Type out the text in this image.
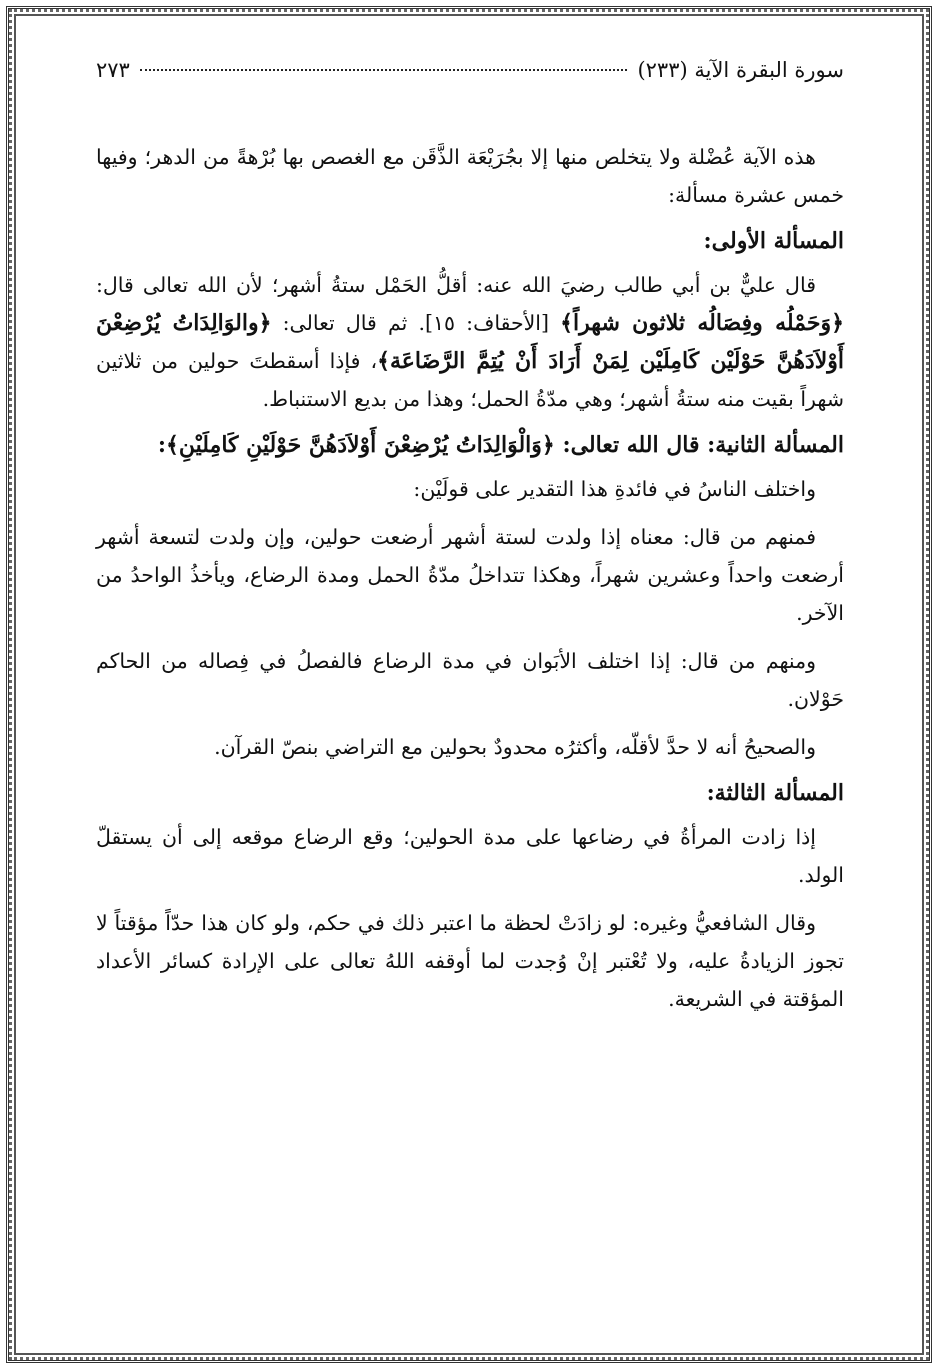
سورة البقرة الآية (٢٣٣)
٢٧٣

هذه الآية عُضْلة ولا يتخلص منها إلا بجُرَيْعَة الذَّقَن مع الغصص بها بُرْهةً من الدهر؛ وفيها خمس عشرة مسألة:

المسألة الأولى:

قال عليٌّ بن أبي طالب رضيَ الله عنه: أقلُّ الحَمْل ستةُ أشهر؛ لأن الله تعالى قال: ﴿وَحَمْلُه وفِصَالُه ثلاثون شهراً﴾ [الأحقاف: ١٥]. ثم قال تعالى: ﴿والوَالِدَاتُ يُرْضِعْنَ أَوْلاَدَهُنَّ حَوْلَيْن كَامِلَيْن لِمَنْ أَرَادَ أَنْ يُتِمَّ الرَّضَاعَة﴾، فإذا أسقطتَ حولين من ثلاثين شهراً بقيت منه ستةُ أشهر؛ وهي مدّةُ الحمل؛ وهذا من بديع الاستنباط.

المسألة الثانية: قال الله تعالى: ﴿وَالْوَالِدَاتُ يُرْضِعْنَ أَوْلاَدَهُنَّ حَوْلَيْنِ كَامِلَيْنِ﴾:

واختلف الناسُ في فائدةِ هذا التقدير على قولَيْن:

فمنهم من قال: معناه إذا ولدت لستة أشهر أرضعت حولين، وإن ولدت لتسعة أشهر أرضعت واحداً وعشرين شهراً، وهكذا تتداخلُ مدّةُ الحمل ومدة الرضاع، ويأخذُ الواحدُ من الآخر.

ومنهم من قال: إذا اختلف الأبَوان في مدة الرضاع فالفصلُ في فِصاله من الحاكم حَوْلان.

والصحيحُ أنه لا حدَّ لأقلّه، وأكثرُه محدودٌ بحولين مع التراضي بنصّ القرآن.

المسألة الثالثة:

إذا زادت المرأةُ في رضاعها على مدة الحولين؛ وقع الرضاع موقعه إلى أن يستقلّ الولد.

وقال الشافعيُّ وغيره: لو زادَتْ لحظة ما اعتبر ذلك في حكم، ولو كان هذا حدّاً مؤقتاً لا تجوز الزيادةُ عليه، ولا تُعْتبر إنْ وُجدت لما أوقفه اللهُ تعالى على الإرادة كسائر الأعداد المؤقتة في الشريعة.
